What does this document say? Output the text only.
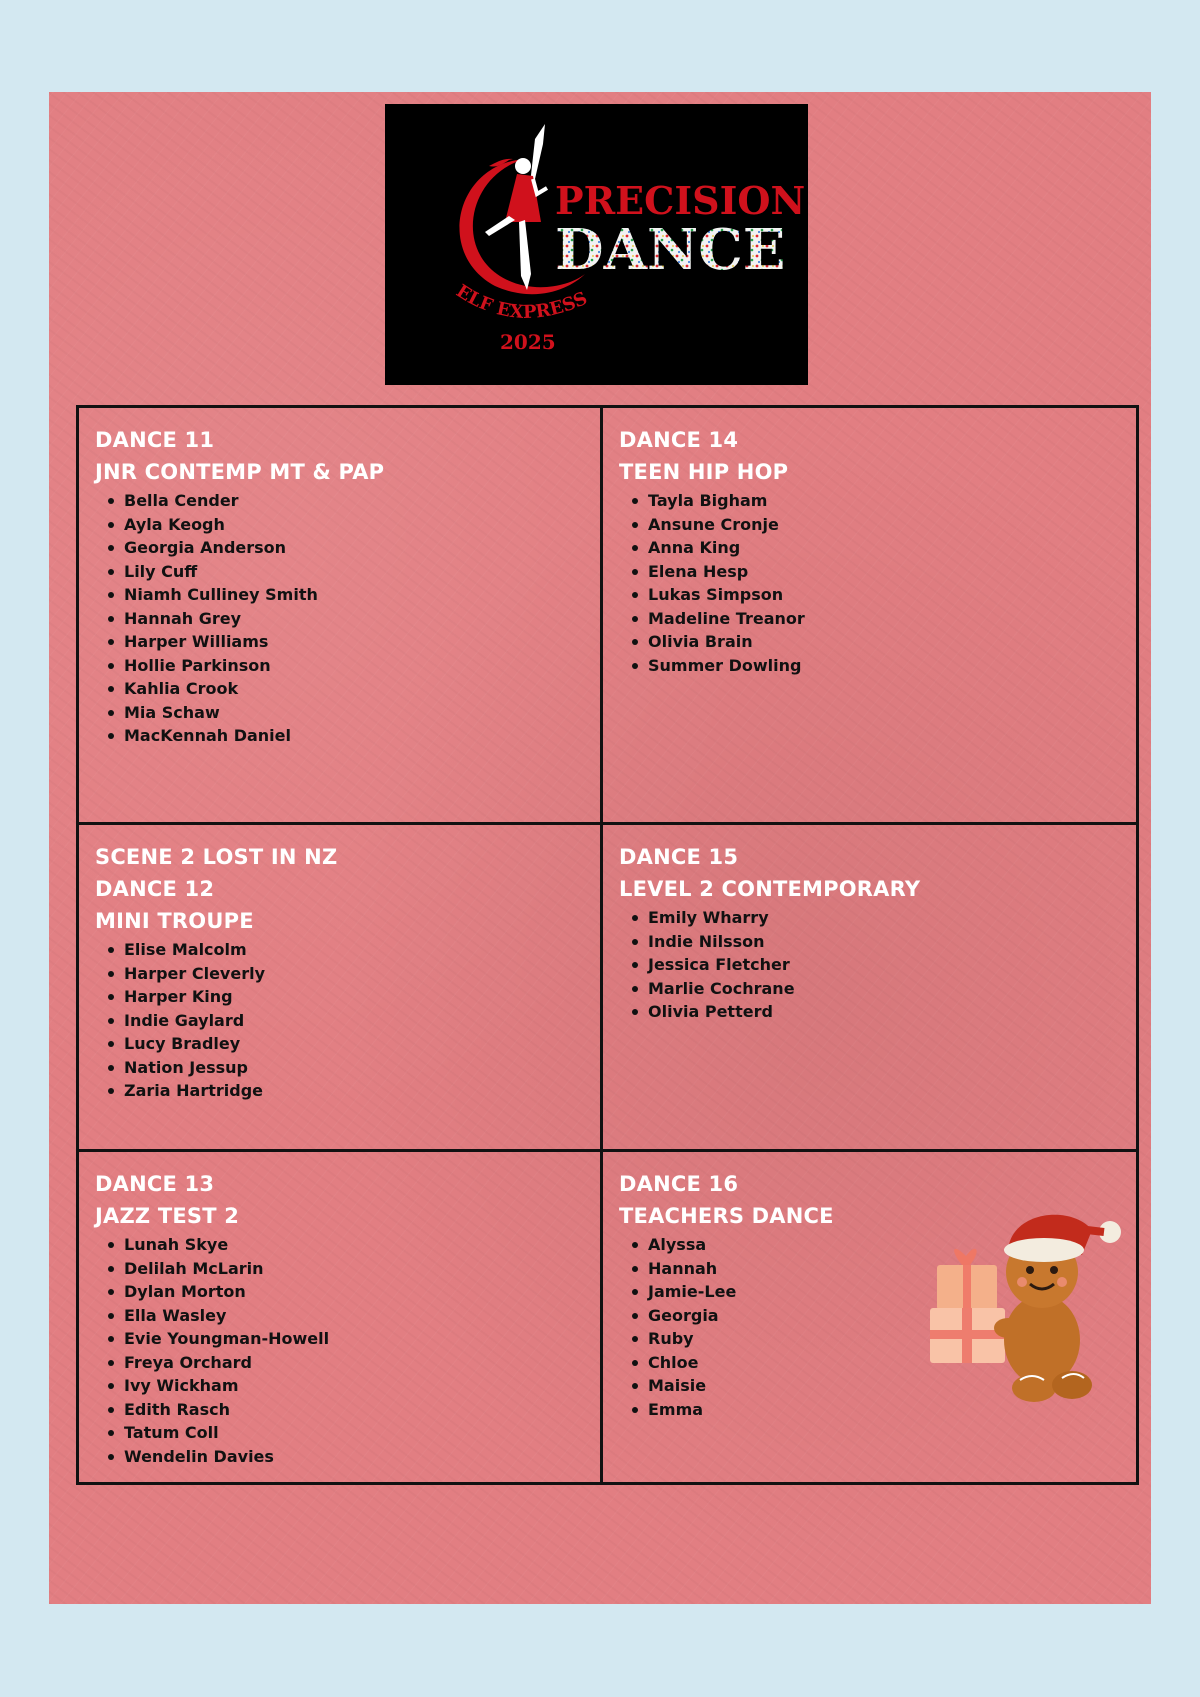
PRECISION
DANCE
ELF EXPRESS
2025

DANCE 11

JNR CONTEMP MT & PAP

Bella Cender
Ayla Keogh
Georgia Anderson
Lily Cuff
Niamh Culliney Smith
Hannah Grey
Harper Williams
Hollie Parkinson
Kahlia Crook
Mia Schaw
MacKennah Daniel

DANCE 14

TEEN HIP HOP

Tayla Bigham
Ansune Cronje
Anna King
Elena Hesp
Lukas Simpson
Madeline Treanor
Olivia Brain
Summer Dowling

SCENE 2 LOST IN NZ

DANCE 12

MINI TROUPE

Elise Malcolm
Harper Cleverly
Harper King
Indie Gaylard
Lucy Bradley
Nation Jessup
Zaria Hartridge

DANCE 15

LEVEL 2 CONTEMPORARY

Emily Wharry
Indie Nilsson
Jessica Fletcher
Marlie Cochrane
Olivia Petterd

DANCE 13

JAZZ TEST 2

Lunah Skye
Delilah McLarin
Dylan Morton
Ella Wasley
Evie Youngman-Howell
Freya Orchard
Ivy Wickham
Edith Rasch
Tatum Coll
Wendelin Davies

DANCE 16

TEACHERS DANCE

Alyssa
Hannah
Jamie-Lee
Georgia
Ruby
Chloe
Maisie
Emma
